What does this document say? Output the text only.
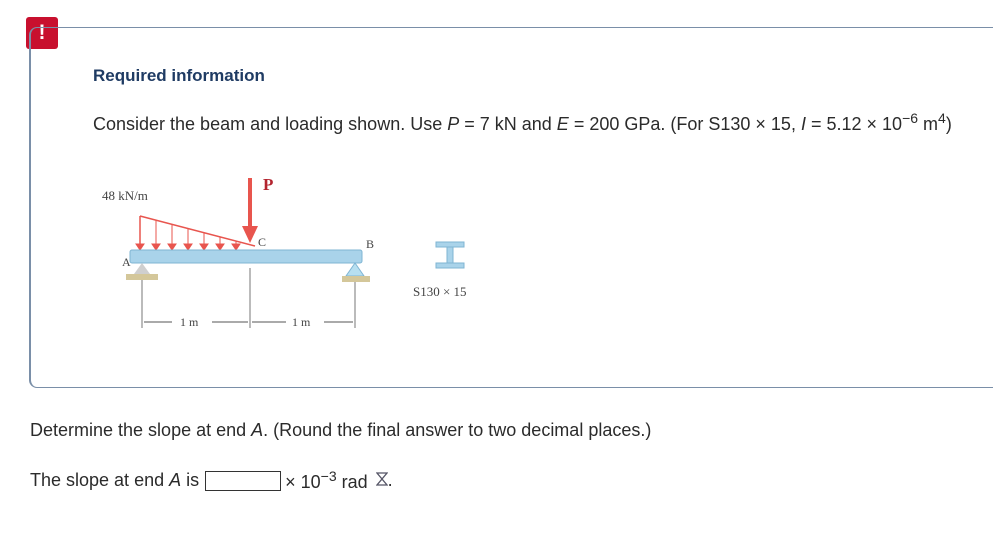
!
Required information
Consider the beam and loading shown. Use P = 7 kN and E = 200 GPa. (For S130 × 15, $I = 5.12 \times 10^{-6}$ $m^4$)
48 kN/m
P
C
A
B
1 m	1 m
S130 × 15
Determine the slope at end A. (Round the final answer to two decimal places.)
The slope at end A is	× $10^{-3}$ rad .
